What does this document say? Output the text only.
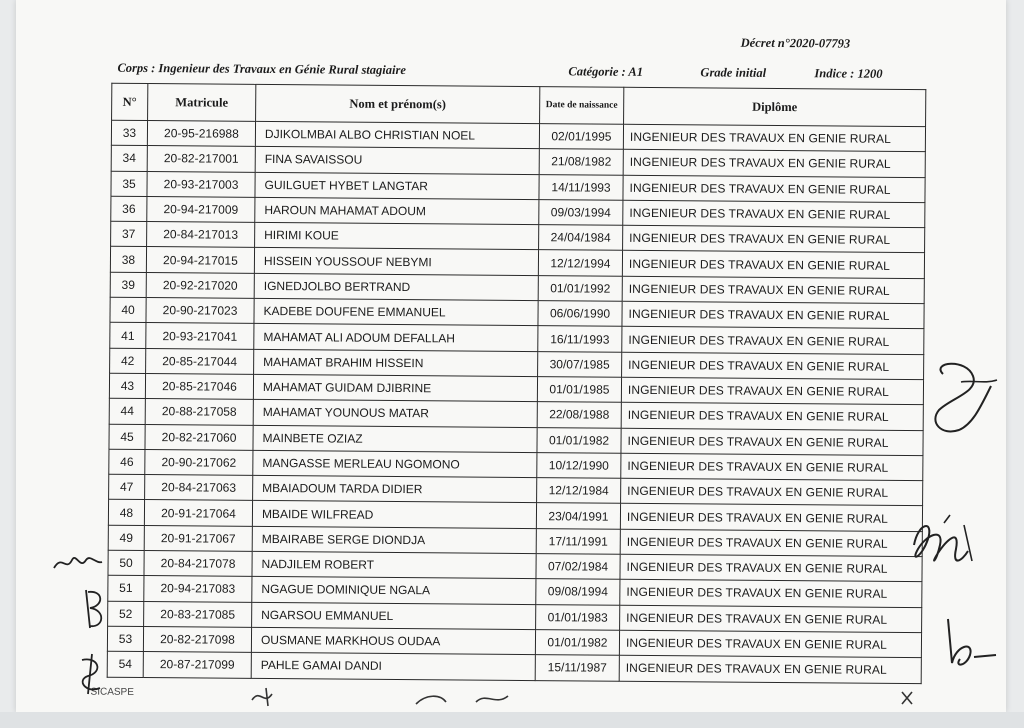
Décret n°2020-07793
Corps : Ingenieur des Travaux en Génie Rural stagiaire	Catégorie : A1	Grade initial	Indice : 1200
N°	Matricule	Nom et prénom(s)	Date de naissance	Diplôme
33	20-95-216988	DJIKOLMBAI ALBO CHRISTIAN NOEL	02/01/1995	INGENIEUR DES TRAVAUX EN GENIE RURAL
34	20-82-217001	FINA SAVAISSOU	21/08/1982	INGENIEUR DES TRAVAUX EN GENIE RURAL
35	20-93-217003	GUILGUET HYBET LANGTAR	14/11/1993	INGENIEUR DES TRAVAUX EN GENIE RURAL
36	20-94-217009	HAROUN MAHAMAT ADOUM	09/03/1994	INGENIEUR DES TRAVAUX EN GENIE RURAL
37	20-84-217013	HIRIMI KOUE	24/04/1984	INGENIEUR DES TRAVAUX EN GENIE RURAL
38	20-94-217015	HISSEIN YOUSSOUF NEBYMI	12/12/1994	INGENIEUR DES TRAVAUX EN GENIE RURAL
39	20-92-217020	IGNEDJOLBO BERTRAND	01/01/1992	INGENIEUR DES TRAVAUX EN GENIE RURAL
40	20-90-217023	KADEBE DOUFENE EMMANUEL	06/06/1990	INGENIEUR DES TRAVAUX EN GENIE RURAL
41	20-93-217041	MAHAMAT ALI ADOUM DEFALLAH	16/11/1993	INGENIEUR DES TRAVAUX EN GENIE RURAL
42	20-85-217044	MAHAMAT BRAHIM HISSEIN	30/07/1985	INGENIEUR DES TRAVAUX EN GENIE RURAL
43	20-85-217046	MAHAMAT GUIDAM DJIBRINE	01/01/1985	INGENIEUR DES TRAVAUX EN GENIE RURAL
44	20-88-217058	MAHAMAT YOUNOUS MATAR	22/08/1988	INGENIEUR DES TRAVAUX EN GENIE RURAL
45	20-82-217060	MAINBETE OZIAZ	01/01/1982	INGENIEUR DES TRAVAUX EN GENIE RURAL
46	20-90-217062	MANGASSE MERLEAU NGOMONO	10/12/1990	INGENIEUR DES TRAVAUX EN GENIE RURAL
47	20-84-217063	MBAIADOUM TARDA DIDIER	12/12/1984	INGENIEUR DES TRAVAUX EN GENIE RURAL
48	20-91-217064	MBAIDE WILFREAD	23/04/1991	INGENIEUR DES TRAVAUX EN GENIE RURAL
49	20-91-217067	MBAIRABE SERGE DIONDJA	17/11/1991	INGENIEUR DES TRAVAUX EN GENIE RURAL
50	20-84-217078	NADJILEM ROBERT	07/02/1984	INGENIEUR DES TRAVAUX EN GENIE RURAL
51	20-94-217083	NGAGUE DOMINIQUE NGALA	09/08/1994	INGENIEUR DES TRAVAUX EN GENIE RURAL
52	20-83-217085	NGARSOU EMMANUEL	01/01/1983	INGENIEUR DES TRAVAUX EN GENIE RURAL
53	20-82-217098	OUSMANE MARKHOUS OUDAA	01/01/1982	INGENIEUR DES TRAVAUX EN GENIE RURAL
54	20-87-217099	PAHLE GAMAI DANDI	15/11/1987	INGENIEUR DES TRAVAUX EN GENIE RURAL
SICASPE
